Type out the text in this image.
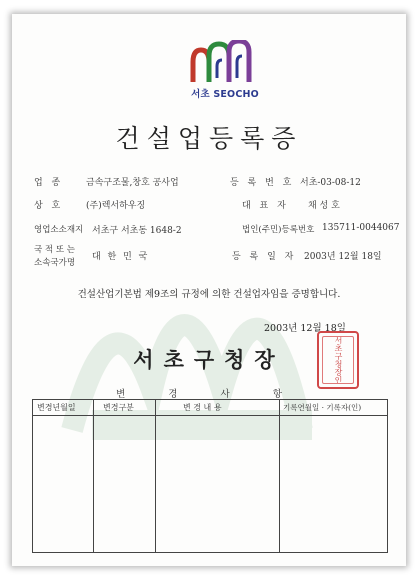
서초 SEOCHO
건설업등록증
업 종	금속구조물,창호 공사업	등 록 번 호 서초-03-08-12
상 호	(주)렉서하우징	대 표 자 채 성 호
영업소소재지 서초구 서초동 1648-2	법인(주민)등록번호 135711-0044067
국 적 또 는
소속국가명
대 한 민 국	등 록 일 자 2003년 12월 18일
건설산업기본법 제9조의 규정에 의한 건설업자임을 증명합니다.
2003년 12월 18일
서초구청장	서초구청장인
변 경 사 항
변경년월일	변경구분	변 경 내 용	기록연월일 · 기록자(인)
